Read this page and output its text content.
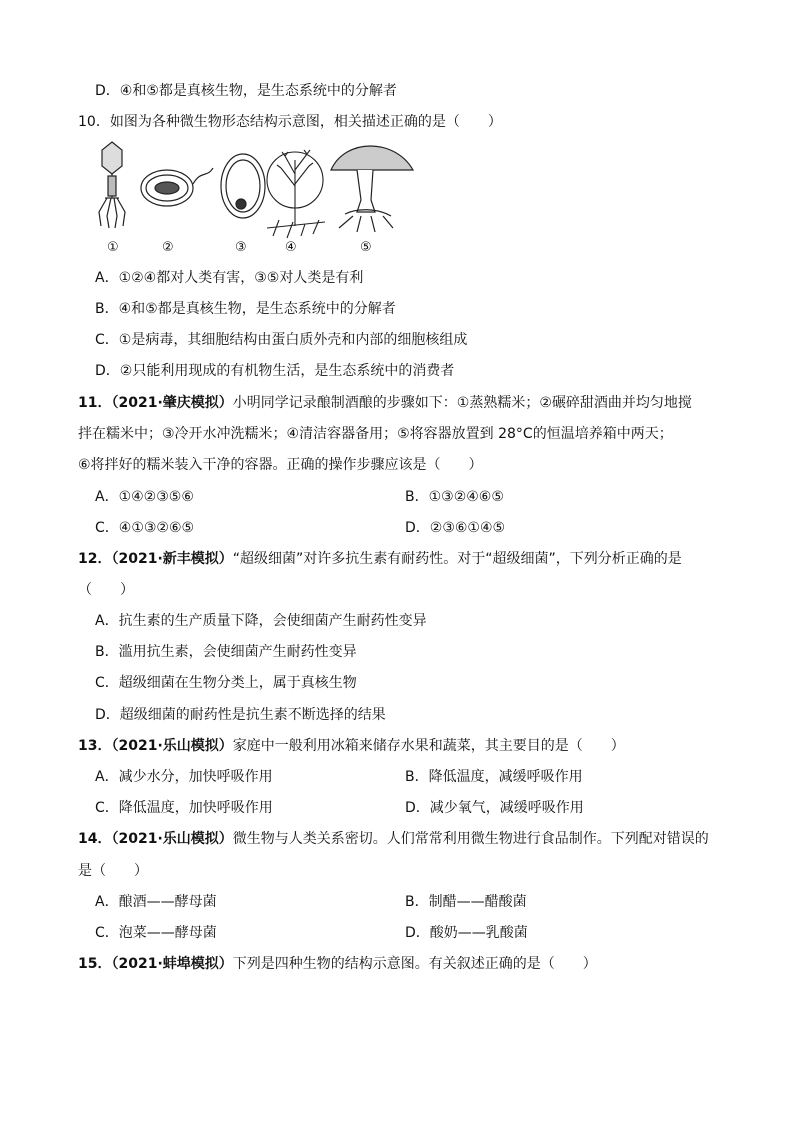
D．④和⑤都是真核生物，是生态系统中的分解者
10．如图为各种微生物形态结构示意图，相关描述正确的是（　　）
①	②	③	④	⑤
A．①②④都对人类有害，③⑤对人类是有利
B．④和⑤都是真核生物，是生态系统中的分解者
C．①是病毒，其细胞结构由蛋白质外壳和内部的细胞核组成
D．②只能利用现成的有机物生活，是生态系统中的消费者
11．（2021·肇庆模拟）小明同学记录酿制酒酿的步骤如下：①蒸熟糯米；②碾碎甜酒曲并均匀地搅
拌在糯米中；③冷开水冲洗糯米；④清洁容器备用；⑤将容器放置到 28°C的恒温培养箱中两天；
⑥将拌好的糯米装入干净的容器。正确的操作步骤应该是（　　）
A．①④②③⑤⑥	B．①③②④⑥⑤
C．④①③②⑥⑤	D．②③⑥①④⑤
12．（2021·新丰模拟）“超级细菌”对许多抗生素有耐药性。对于“超级细菌”，下列分析正确的是
（　　）
A．抗生素的生产质量下降，会使细菌产生耐药性变异
B．滥用抗生素，会使细菌产生耐药性变异
C．超级细菌在生物分类上，属于真核生物
D．超级细菌的耐药性是抗生素不断选择的结果
13．（2021·乐山模拟）家庭中一般利用冰箱来储存水果和蔬菜，其主要目的是（　　）
A．减少水分，加快呼吸作用	B．降低温度，减缓呼吸作用
C．降低温度，加快呼吸作用	D．减少氧气，减缓呼吸作用
14．（2021·乐山模拟）微生物与人类关系密切。人们常常利用微生物进行食品制作。下列配对错误的
是（　　）
A．酿酒——酵母菌	B．制醋——醋酸菌
C．泡菜——酵母菌	D．酸奶——乳酸菌
15．（2021·蚌埠模拟）下列是四种生物的结构示意图。有关叙述正确的是（　　）
